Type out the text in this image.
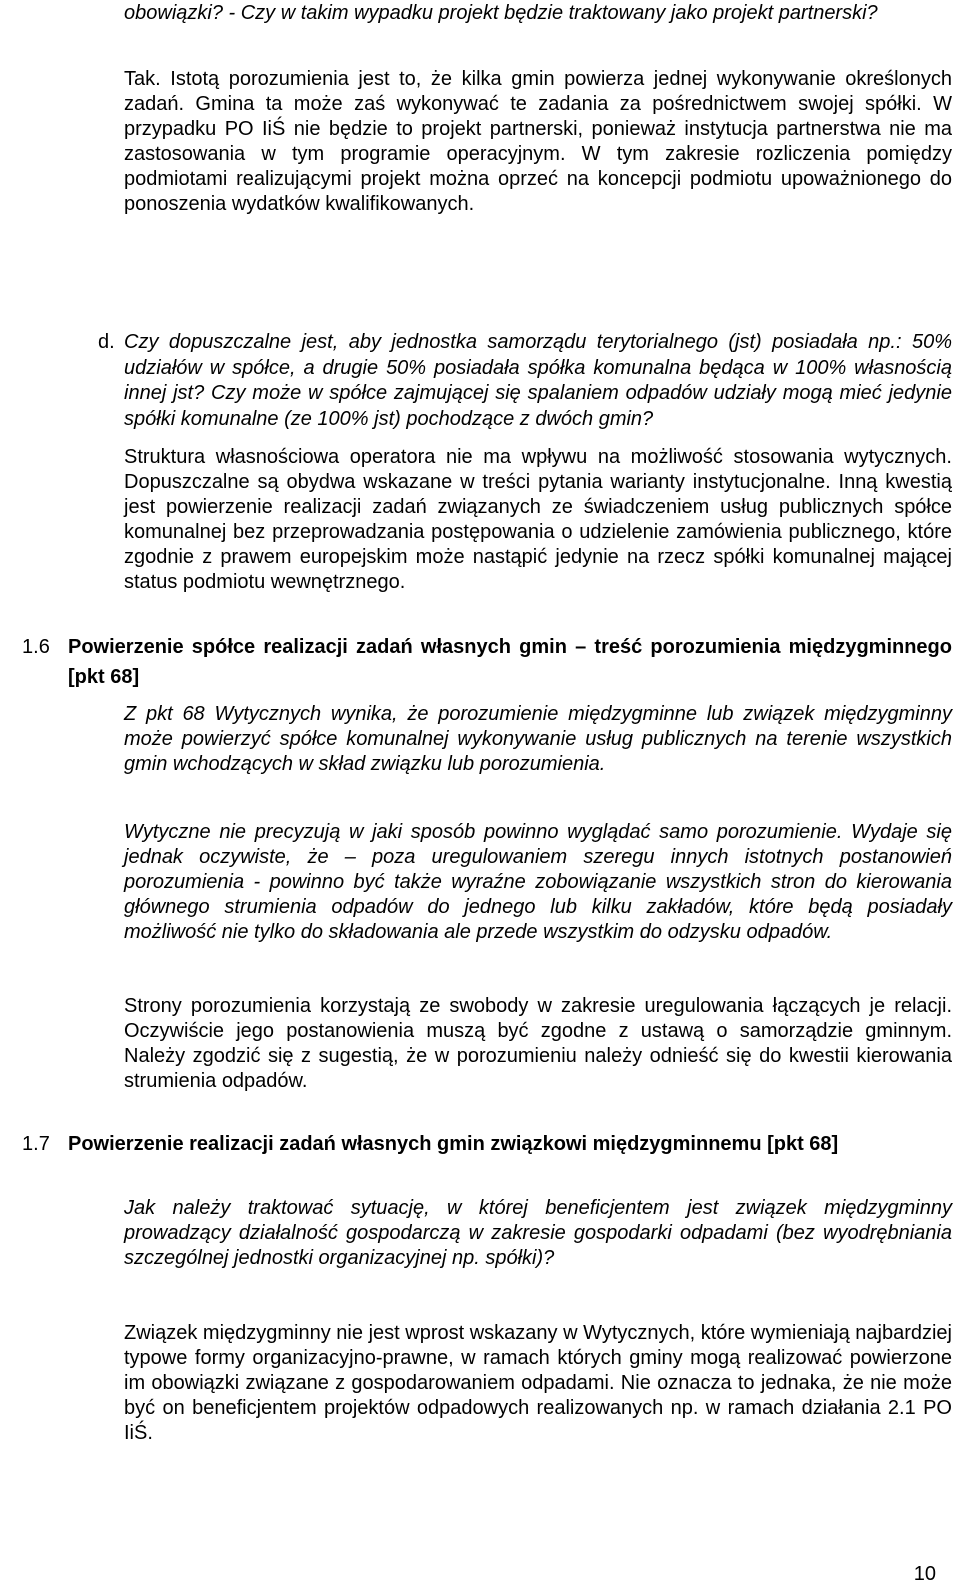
obowiązki? - Czy w takim wypadku projekt będzie traktowany jako projekt partnerski?

Tak. Istotą porozumienia jest to, że kilka gmin powierza jednej wykonywanie określonych zadań. Gmina ta może zaś wykonywać te zadania za pośrednictwem swojej spółki. W przypadku PO IiŚ nie będzie to projekt partnerski, ponieważ instytucja partnerstwa nie ma zastosowania w tym programie operacyjnym. W tym zakresie rozliczenia pomiędzy podmiotami realizującymi projekt można oprzeć na koncepcji podmiotu upoważnionego do ponoszenia wydatków kwalifikowanych.

d. Czy dopuszczalne jest, aby jednostka samorządu terytorialnego (jst) posiadała np.: 50% udziałów w spółce, a drugie 50% posiadała spółka komunalna będąca w 100% własnością innej jst? Czy może w spółce zajmującej się spalaniem odpadów udziały mogą mieć jedynie spółki komunalne (ze 100% jst) pochodzące z dwóch gmin?

Struktura własnościowa operatora nie ma wpływu na możliwość stosowania wytycznych. Dopuszczalne są obydwa wskazane w treści pytania warianty instytucjonalne. Inną kwestią jest powierzenie realizacji zadań związanych ze świadczeniem usług publicznych spółce komunalnej bez przeprowadzania postępowania o udzielenie zamówienia publicznego, które zgodnie z prawem europejskim może nastąpić jedynie na rzecz spółki komunalnej mającej status podmiotu wewnętrznego.

1.6 Powierzenie spółce realizacji zadań własnych gmin – treść porozumienia międzygminnego [pkt 68]

Z pkt 68 Wytycznych wynika, że porozumienie międzygminne lub związek międzygminny może powierzyć spółce komunalnej wykonywanie usług publicznych na terenie wszystkich gmin wchodzących w skład związku lub porozumienia.

Wytyczne nie precyzują w jaki sposób powinno wyglądać samo porozumienie. Wydaje się jednak oczywiste, że – poza uregulowaniem szeregu innych istotnych postanowień porozumienia - powinno być także wyraźne zobowiązanie wszystkich stron do kierowania głównego strumienia odpadów do jednego lub kilku zakładów, które będą posiadały możliwość nie tylko do składowania ale przede wszystkim do odzysku odpadów.

Strony porozumienia korzystają ze swobody w zakresie uregulowania łączących je relacji. Oczywiście jego postanowienia muszą być zgodne z ustawą o samorządzie gminnym. Należy zgodzić się z sugestią, że w porozumieniu należy odnieść się do kwestii kierowania strumienia odpadów.

1.7 Powierzenie realizacji zadań własnych gmin związkowi międzygminnemu [pkt 68]

Jak należy traktować sytuację, w której beneficjentem jest związek międzygminny prowadzący działalność gospodarczą w zakresie gospodarki odpadami (bez wyodrębniania szczególnej jednostki organizacyjnej np. spółki)?

Związek międzygminny nie jest wprost wskazany w Wytycznych, które wymieniają najbardziej typowe formy organizacyjno-prawne, w ramach których gminy mogą realizować powierzone im obowiązki związane z gospodarowaniem odpadami. Nie oznacza to jednaka, że nie może być on beneficjentem projektów odpadowych realizowanych np. w ramach działania 2.1 PO IiŚ.

10
